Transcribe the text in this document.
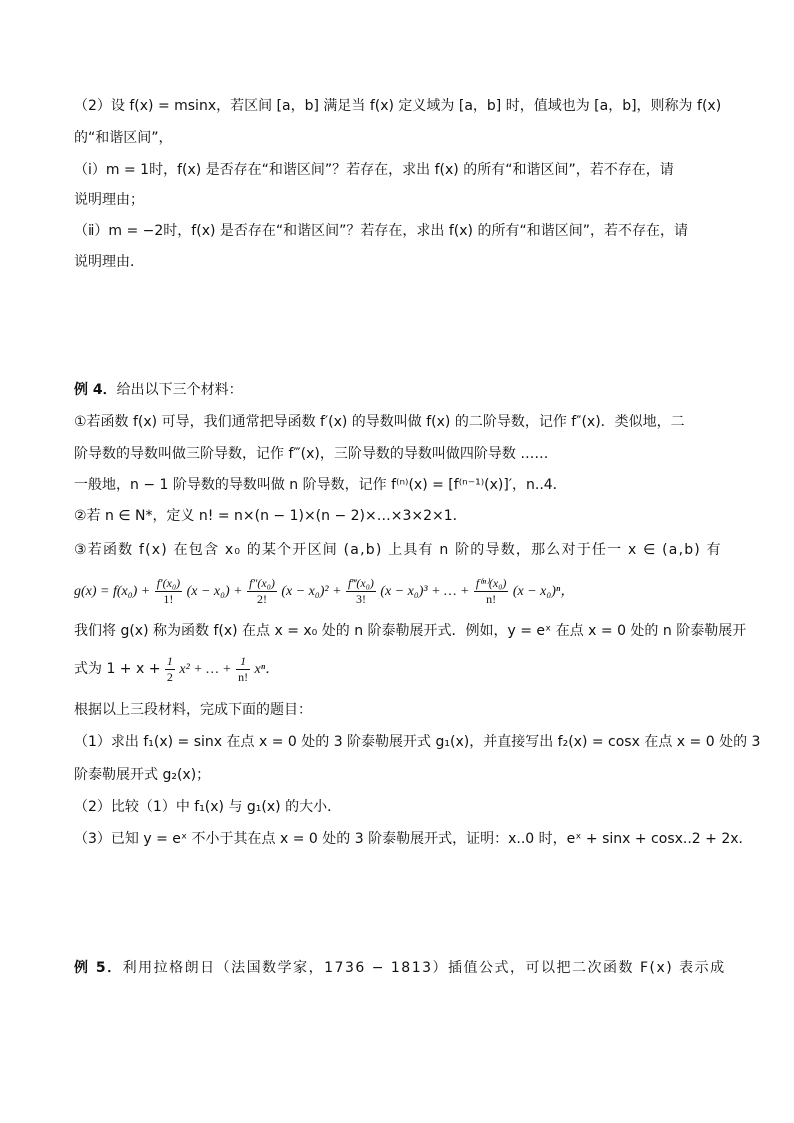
（2）设 f(x) = msinx，若区间 [a，b] 满足当 f(x) 定义域为 [a，b] 时，值域也为 [a，b]，则称为 f(x)
的“和谐区间”，
（ⅰ）m = 1时，f(x) 是否存在“和谐区间”？若存在，求出 f(x) 的所有“和谐区间”，若不存在，请
说明理由；
（ⅱ）m = −2时，f(x) 是否存在“和谐区间”？若存在，求出 f(x) 的所有“和谐区间”，若不存在，请
说明理由．
例 4．给出以下三个材料：
①若函数 f(x) 可导，我们通常把导函数 f′(x) 的导数叫做 f(x) 的二阶导数，记作 f″(x)．类似地，二
阶导数的导数叫做三阶导数，记作 f‴(x)，三阶导数的导数叫做四阶导数 ……
一般地，n − 1 阶导数的导数叫做 n 阶导数，记作 f⁽ⁿ⁾(x) = [f⁽ⁿ⁻¹⁾(x)]′，n..4．
②若 n ∈ N*，定义 n! = n×(n − 1)×(n − 2)×…×3×2×1．
③若函数 f(x) 在包含 x₀ 的某个开区间 (a,b) 上具有 n 阶的导数，那么对于任一 x ∈ (a,b) 有
$g(x) = f(x_0) + \frac{\text{f′(x₀)}}{1!} (x - x_0) + \frac{\text{f″(x₀)}}{2!} (x - x_0)^2 + \frac{\text{f‴(x₀)}}{3!} (x - x_0)^3$ + … + $\frac{\text{f⁽ⁿ⁾(x₀)}}{n!} (x - x_0)^n$，
我们将 g(x) 称为函数 f(x) 在点 x = x₀ 处的 n 阶泰勒展开式．例如，y = eˣ 在点 x = 0 处的 n 阶泰勒展开
式为 $1 + x + \frac{1}{2} x^2$ + … + $\frac{1}{n!}$ xⁿ．
根据以上三段材料，完成下面的题目：
（1）求出 f₁(x) = sinx 在点 x = 0 处的 3 阶泰勒展开式 g₁(x)，并直接写出 f₂(x) = cosx 在点 x = 0 处的 3
阶泰勒展开式 g₂(x)；
（2）比较（1）中 f₁(x) 与 g₁(x) 的大小．
（3）已知 y = eˣ 不小于其在点 x = 0 处的 3 阶泰勒展开式，证明：x..0 时，eˣ + sinx + cosx..2 + 2x．
例 5．利用拉格朗日（法国数学家，1736 − 1813）插值公式，可以把二次函数 F(x) 表示成
